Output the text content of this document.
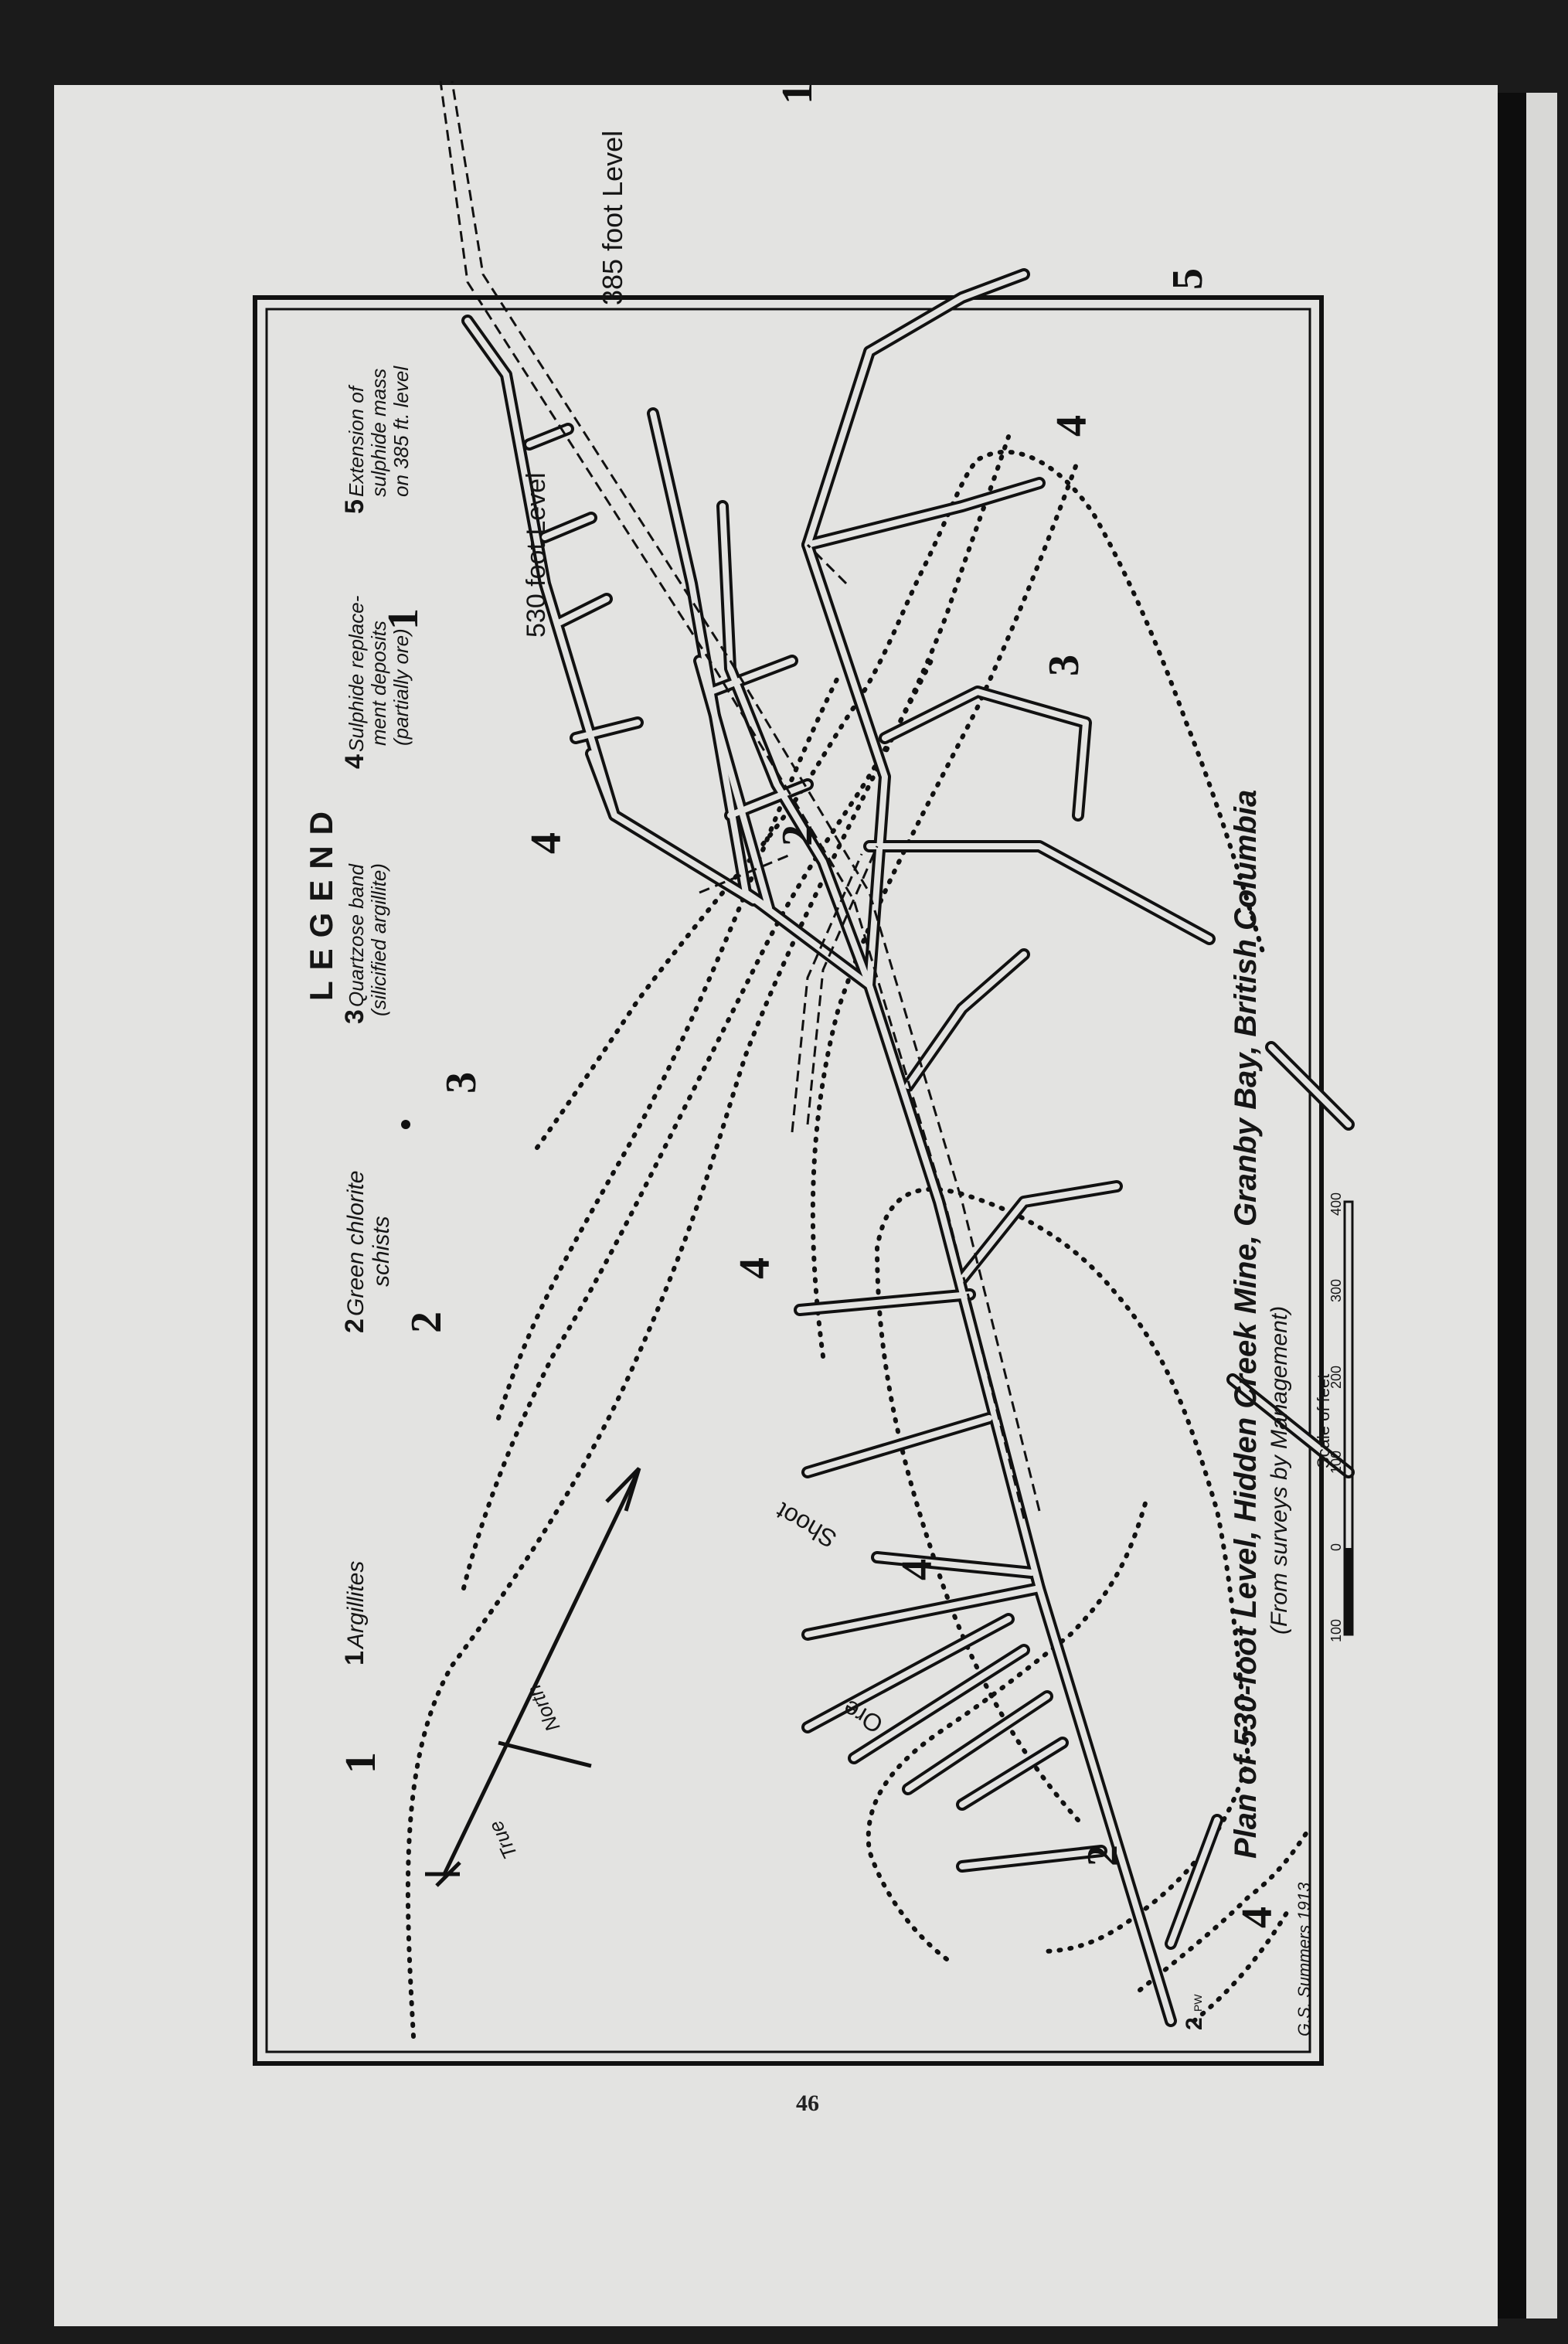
LEGEND
1
Argillites
2
Green chlorite schists
3
Quartzose band (silicified argillite)
4
Sulphide replace- ment deposits (partially ore)
5
Extension of sulphide mass on 385 ft. level
530 foot Level
385 foot Level
Ore
Shoot
1
1
1
2
2
2
3
3
4
4
4
4
4
5
True
North
2
PW
Plan of 530-foot Level, Hidden Creek Mine, Granby Bay, British Columbia (From surveys by Management) Scale of feet
100
0
100
200
300
400
G.S. Summers 1913
46
